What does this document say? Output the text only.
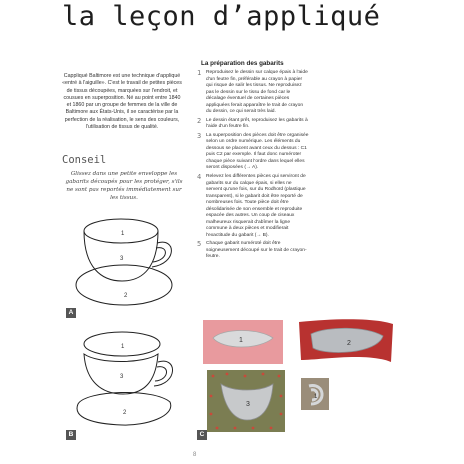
la leçon d’appliqué
Cappliqué Baltimore est une technique d'appliqué «entré à l'aiguille». C'est le travail de petites pièces de tissus découpées, marquées sur l'endroit, et cousues en superposition. Né au point entre 1840 et 1860 par un groupe de femmes de la ville de Baltimore aux États-Unis, il se caractérise par la perfection de la réalisation, le sens des couleurs, l'utilisation de tissus de qualité.
Conseil
Glissez dans une petite enveloppe les gabarits découpés pour les protéger, s'ils ne sont pas reportés immédiatement sur les tissus.
La préparation des gabarits
1 Reproduisez le dessin sur calque épais à l'aide d'un feutre fin, préférable au crayon à papier qui risque de salir les tissus. Ne reproduisez pas le dessin sur le tissu de fond car le décalage éventuel de certaines pièces appliquées ferait apparaître le trait de crayon du dessin, ce qui serait très laid.
2 Le dessin étant prêt, reproduisez les gabarits à l'aide d'un feutre fin.
3 La superposition des pièces doit être organisée selon un ordre numérique. Les éléments du dessous se placent avant ceux du dessus : C1 puis C2 par exemple. Il faut donc numéroter chaque pièce suivant l'ordre dans lequel elles seront disposées (→ A).
4 Relevez les différentes pièces qui serviront de gabarits sur du calque épais, si elles ne servent qu'une fois, sur du Rodhoïd (plastique transparent), si le gabarit doit être reporté de nombreuses fois. Toute pièce doit être désolidarisée de son ensemble et reproduite espacée des autres. Un coup de ciseaux malheureux risquerait d'abîmer la ligne commune à deux pièces et modifierait l'exactitude du gabarit (→ B).
5 Chaque gabarit numéroté doit être soigneusement découpé sur le trait de crayon-feutre.
1
2
3
A
1
2
3
B
1	2
3
1
C
8
